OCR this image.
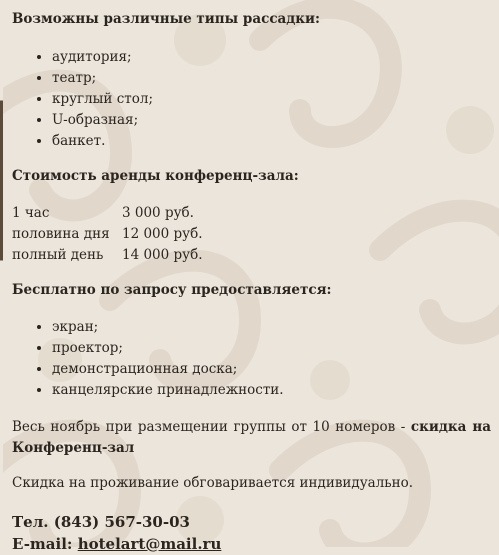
Возможны различные типы рассадки:
• аудитория;
• театр;
• круглый стол;
• U-образная;
• банкет.
Стоимость аренды конференц-зала:
1 час	3 000 руб.
половина дня	12 000 руб.
полный день	14 000 руб.
Бесплатно по запросу предоставляется:
• экран;
• проектор;
• демонстрационная доска;
• канцелярские принадлежности.

Весь ноябрь при размещении группы от 10 номеров - скидка на Конференц-зал

Скидка на проживание обговаривается индивидуально.

Тел. (843) 567-30-03
E-mail: hotelart@mail.ru
